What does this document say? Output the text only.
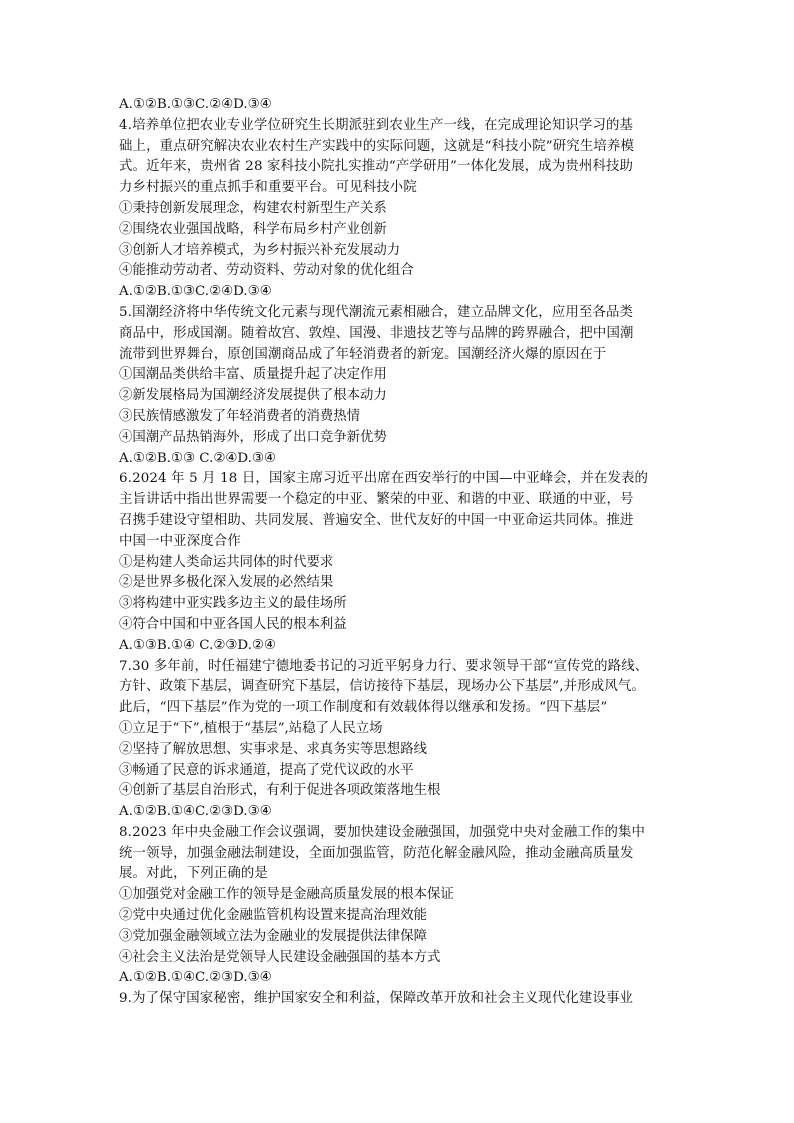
A.①②B.①③C.②④D.③④
4.培养单位把农业专业学位研究生长期派驻到农业生产一线，在完成理论知识学习的基
础上，重点研究解决农业农村生产实践中的实际问题，这就是“科技小院”研究生培养模
式。近年来，贵州省 28 家科技小院扎实推动“产学研用”一体化发展，成为贵州科技助
力乡村振兴的重点抓手和重要平台。可见科技小院
①秉持创新发展理念，构建农村新型生产关系
②围绕农业强国战略，科学布局乡村产业创新
③创新人才培养模式，为乡村振兴补充发展动力
④能推动劳动者、劳动资料、劳动对象的优化组合
A.①②B.①③C.②④D.③④
5.国潮经济将中华传统文化元素与现代潮流元素相融合，建立品牌文化，应用至各品类
商品中，形成国潮。随着故宫、敦煌、国漫、非遗技艺等与品牌的跨界融合，把中国潮
流带到世界舞台，原创国潮商品成了年轻消费者的新宠。国潮经济火爆的原因在于
①国潮品类供给丰富、质量提升起了决定作用
②新发展格局为国潮经济发展提供了根本动力
③民族情感激发了年轻消费者的消费热情
④国潮产品热销海外，形成了出口竞争新优势
A.①②B.①③ C.②④D.③④
6.2024 年 5 月 18 日，国家主席习近平出席在西安举行的中国—中亚峰会，并在发表的
主旨讲话中指出世界需要一个稳定的中亚、繁荣的中亚、和谐的中亚、联通的中亚，号
召携手建设守望相助、共同发展、普遍安全、世代友好的中国一中亚命运共同体。推进
中国一中亚深度合作
①是构建人类命运共同体的时代要求
②是世界多极化深入发展的必然结果
③将构建中亚实践多边主义的最佳场所
④符合中国和中亚各国人民的根本利益
A.①③B.①④ C.②③D.②④
7.30 多年前，时任福建宁德地委书记的习近平躬身力行、要求领导干部“宣传党的路线、
方针、政策下基层，调查研究下基层，信访接待下基层，现场办公下基层”,并形成风气。
此后，“四下基层”作为党的一项工作制度和有效载体得以继承和发扬。“四下基层”
①立足于“下”,植根于“基层”,站稳了人民立场
②坚持了解放思想、实事求是、求真务实等思想路线
③畅通了民意的诉求通道，提高了党代议政的水平
④创新了基层自治形式，有利于促进各项政策落地生根
A.①②B.①④C.②③D.③④
8.2023 年中央金融工作会议强调，要加快建设金融强国，加强党中央对金融工作的集中
统一领导，加强金融法制建设，全面加强监管，防范化解金融风险，推动金融高质量发
展。对此，下列正确的是
①加强党对金融工作的领导是金融高质量发展的根本保证
②党中央通过优化金融监管机构设置来提高治理效能
③党加强金融领域立法为金融业的发展提供法律保障
④社会主义法治是党领导人民建设金融强国的基本方式
A.①②B.①④C.②③D.③④
9.为了保守国家秘密，维护国家安全和利益，保障改革开放和社会主义现代化建设事业
